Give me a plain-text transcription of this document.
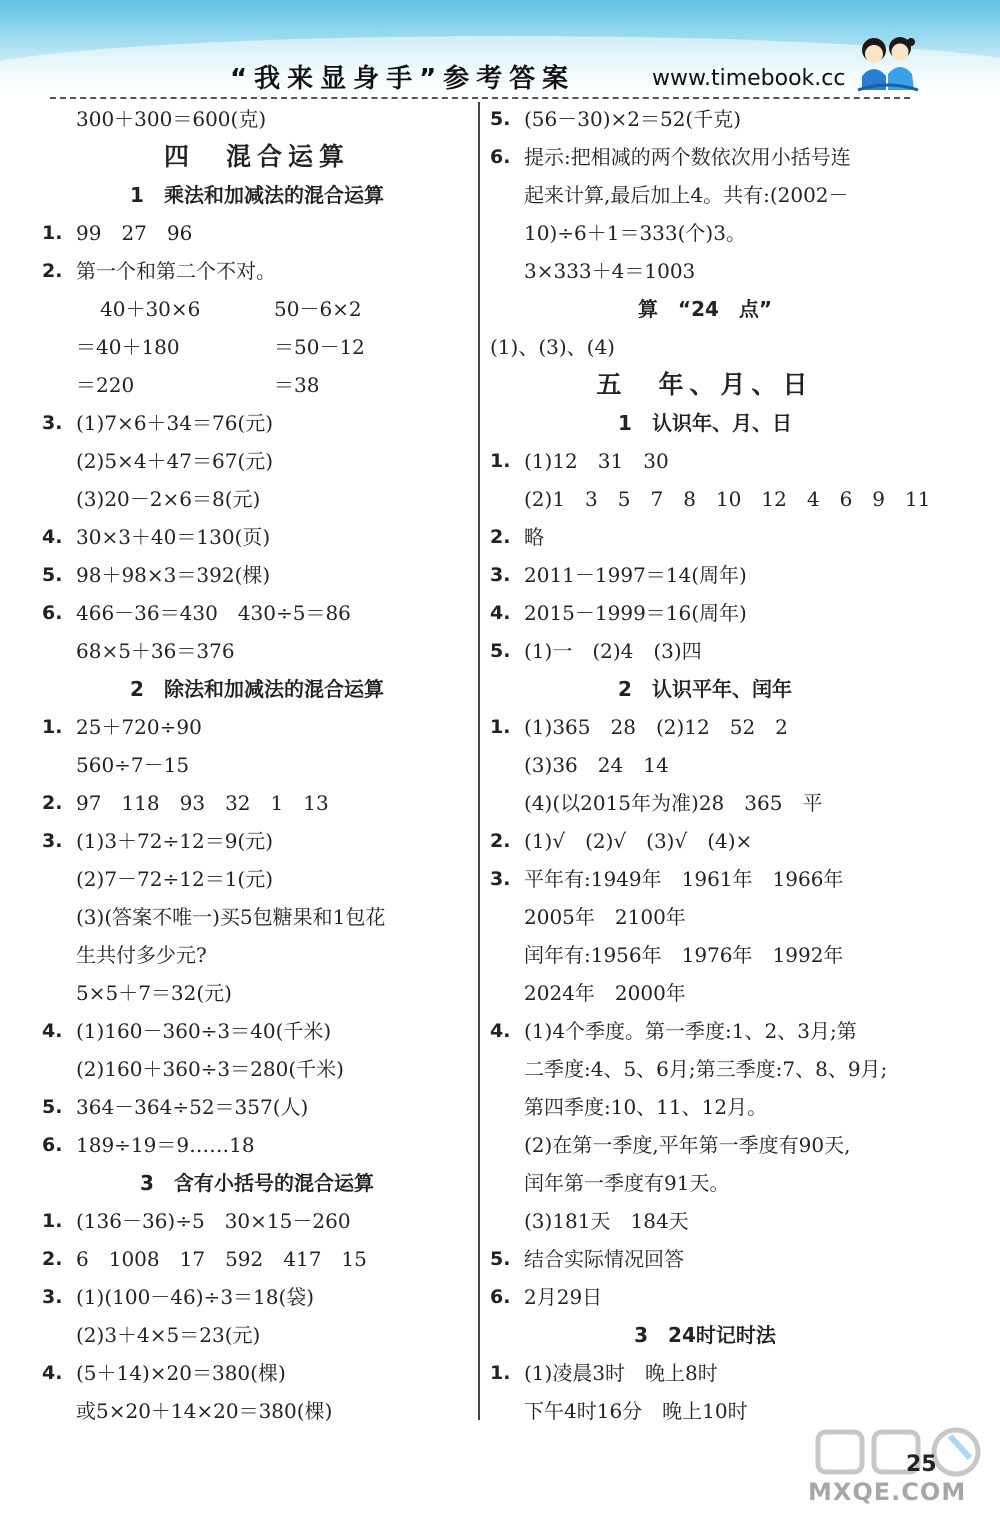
“我来显身手”参考答案	www.timebook.cc
300＋300＝600(克)
四　混合运算
1　乘法和加减法的混合运算
1. 99　27　96
2. 第一个和第二个不对。
40＋30×6	50－6×2
＝40＋180	＝50－12
＝220	＝38
3. (1)7×6＋34＝76(元)
(2)5×4＋47＝67(元)
(3)20－2×6＝8(元)
4. 30×3＋40＝130(页)
5. 98＋98×3＝392(棵)
6. 466－36＝430　430÷5＝86
68×5＋36＝376
2　除法和加减法的混合运算
1. 25＋720÷90
560÷7－15
2. 97　118　93　32　1　13
3. (1)3＋72÷12＝9(元)
(2)7－72÷12＝1(元)
(3)(答案不唯一)买5包糖果和1包花
生共付多少元?
5×5＋7＝32(元)
4. (1)160－360÷3＝40(千米)
(2)160＋360÷3＝280(千米)
5. 364－364÷52＝357(人)
6. 189÷19＝9……18
3　含有小括号的混合运算
1. (136－36)÷5　30×15－260
2. 6　1008　17　592　417　15
3. (1)(100－46)÷3＝18(袋)
(2)3＋4×5＝23(元)
4. (5＋14)×20＝380(棵)
或5×20＋14×20＝380(棵)
5. (56－30)×2＝52(千克)
6. 提示:把相减的两个数依次用小括号连
起来计算,最后加上4。共有:(2002－
10)÷6＋1＝333(个)3。
3×333＋4＝1003
算　“24　点”
(1)、(3)、(4)
五　年、月、日
1　认识年、月、日
1. (1)12　31　30
(2)1　3　5　7　8　10　12　4　6　9　11
2. 略
3. 2011－1997＝14(周年)
4. 2015－1999＝16(周年)
5. (1)一　(2)4　(3)四
2　认识平年、闰年
1. (1)365　28　(2)12　52　2
(3)36　24　14
(4)(以2015年为准)28　365　平
2. (1)√　(2)√　(3)√　(4)×
3. 平年有:1949年　1961年　1966年
2005年　2100年
闰年有:1956年　1976年　1992年
2024年　2000年
4. (1)4个季度。第一季度:1、2、3月;第
二季度:4、5、6月;第三季度:7、8、9月;
第四季度:10、11、12月。
(2)在第一季度,平年第一季度有90天,
闰年第一季度有91天。
(3)181天　184天
5. 结合实际情况回答
6. 2月29日
3　24时记时法
1. (1)凌晨3时　晚上8时
下午4时16分　晚上10时
MXQE.COM
25
